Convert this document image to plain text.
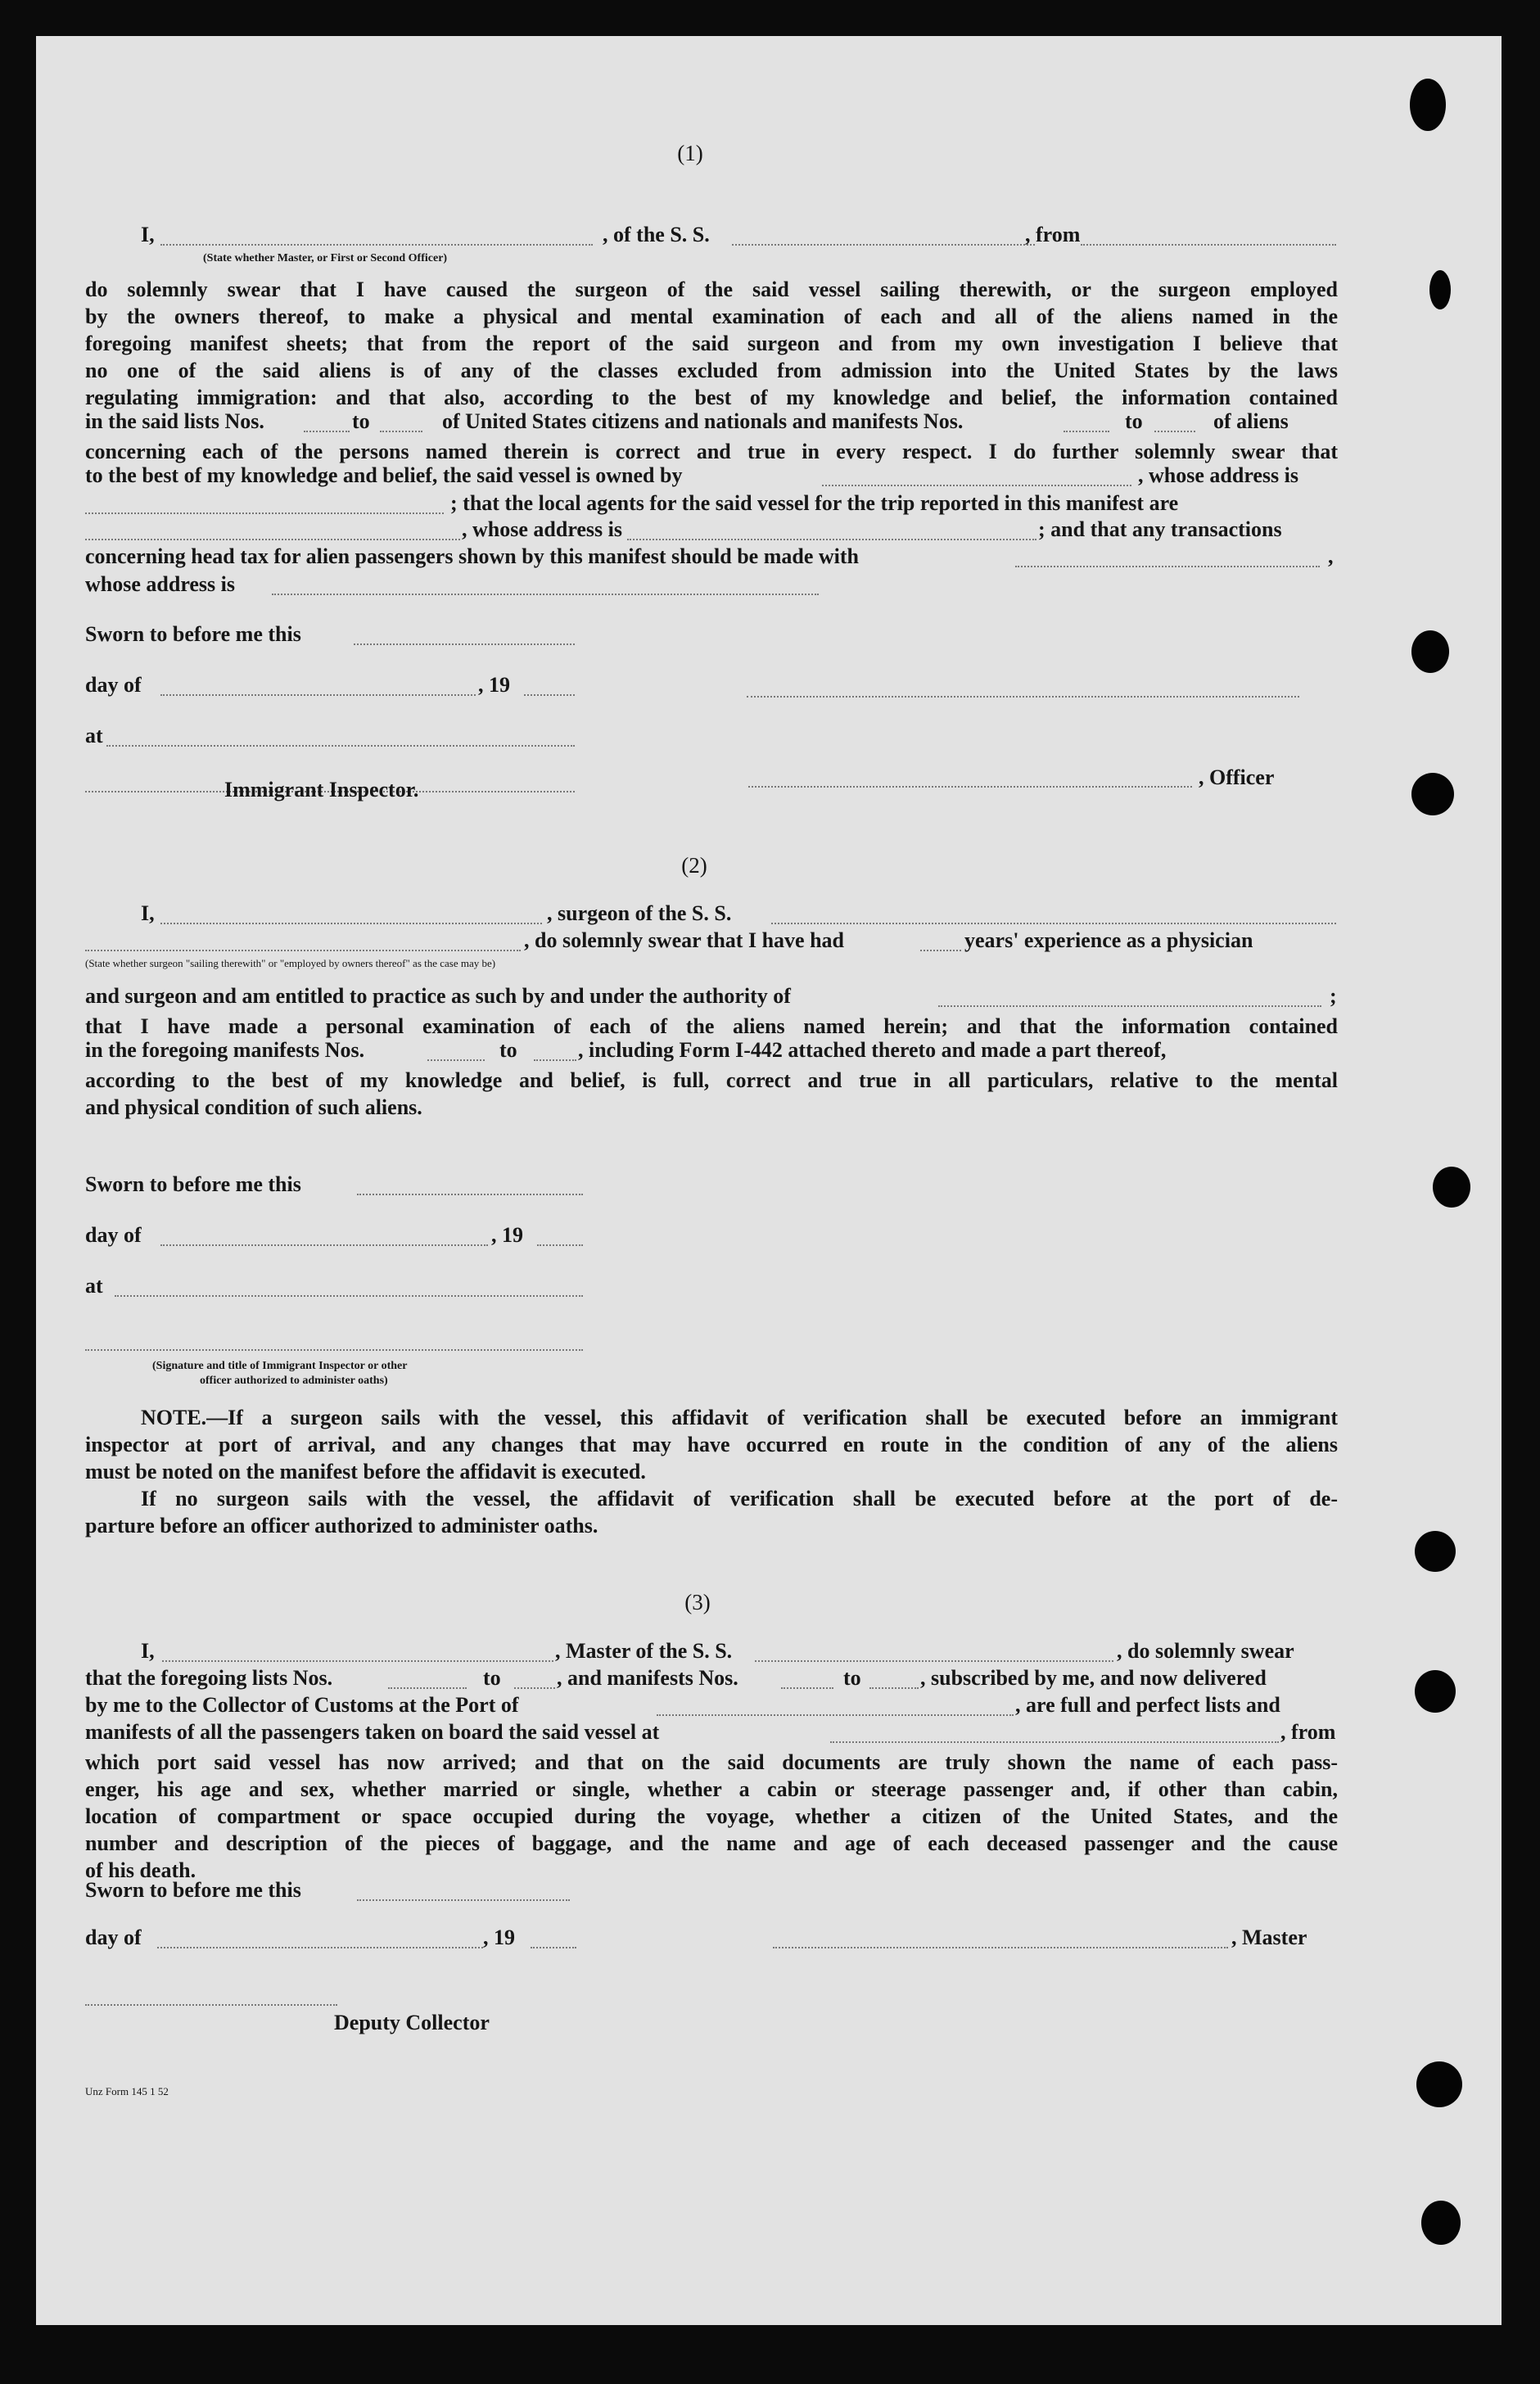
(1)
I,	, of the S. S.	, from
(State whether Master, or First or Second Officer)
do solemnly swear that I have caused the surgeon of the said vessel sailing therewith, or the surgeon employed
by the owners thereof, to make a physical and mental examination of each and all of the aliens named in the
foregoing manifest sheets; that from the report of the said surgeon and from my own investigation I believe that
no one of the said aliens is of any of the classes excluded from admission into the United States by the laws
regulating immigration: and that also, according to the best of my knowledge and belief, the information contained
in the said lists Nos.	to	of United States citizens and nationals and manifests Nos.	to	of aliens
concerning each of the persons named therein is correct and true in every respect. I do further solemnly swear that
to the best of my knowledge and belief, the said vessel is owned by	, whose address is
; that the local agents for the said vessel for the trip reported in this manifest are
, whose address is	; and that any transactions
concerning head tax for alien passengers shown by this manifest should be made with	,
whose address is
Sworn to before me this
day of	, 19
at
, Officer
Immigrant Inspector.
(2)
I,	, surgeon of the S. S.
, do solemnly swear that I have had	years' experience as a physician
(State whether surgeon "sailing therewith" or "employed by owners thereof" as the case may be)
and surgeon and am entitled to practice as such by and under the authority of	;
that I have made a personal examination of each of the aliens named herein; and that the information contained
in the foregoing manifests Nos.	to	, including Form I-442 attached thereto and made a part thereof,
according to the best of my knowledge and belief, is full, correct and true in all particulars, relative to the mental
and physical condition of such aliens.
Sworn to before me this
day of	, 19
at
(Signature and title of Immigrant Inspector or other
officer authorized to administer oaths)
NOTE.—If a surgeon sails with the vessel, this affidavit of verification shall be executed before an immigrant
inspector at port of arrival, and any changes that may have occurred en route in the condition of any of the aliens
must be noted on the manifest before the affidavit is executed.
If no surgeon sails with the vessel, the affidavit of verification shall be executed before at the port of de-
parture before an officer authorized to administer oaths.
(3)
I,	, Master of the S. S.	, do solemnly swear
that the foregoing lists Nos.	to	, and manifests Nos.	to	, subscribed by me, and now delivered
by me to the Collector of Customs at the Port of	, are full and perfect lists and
manifests of all the passengers taken on board the said vessel at	, from
which port said vessel has now arrived; and that on the said documents are truly shown the name of each pass-
enger, his age and sex, whether married or single, whether a cabin or steerage passenger and, if other than cabin,
location of compartment or space occupied during the voyage, whether a citizen of the United States, and the
number and description of the pieces of baggage, and the name and age of each deceased passenger and the cause
of his death.
Sworn to before me this
day of	, 19	, Master
Deputy Collector
Unz Form 145 1 52
